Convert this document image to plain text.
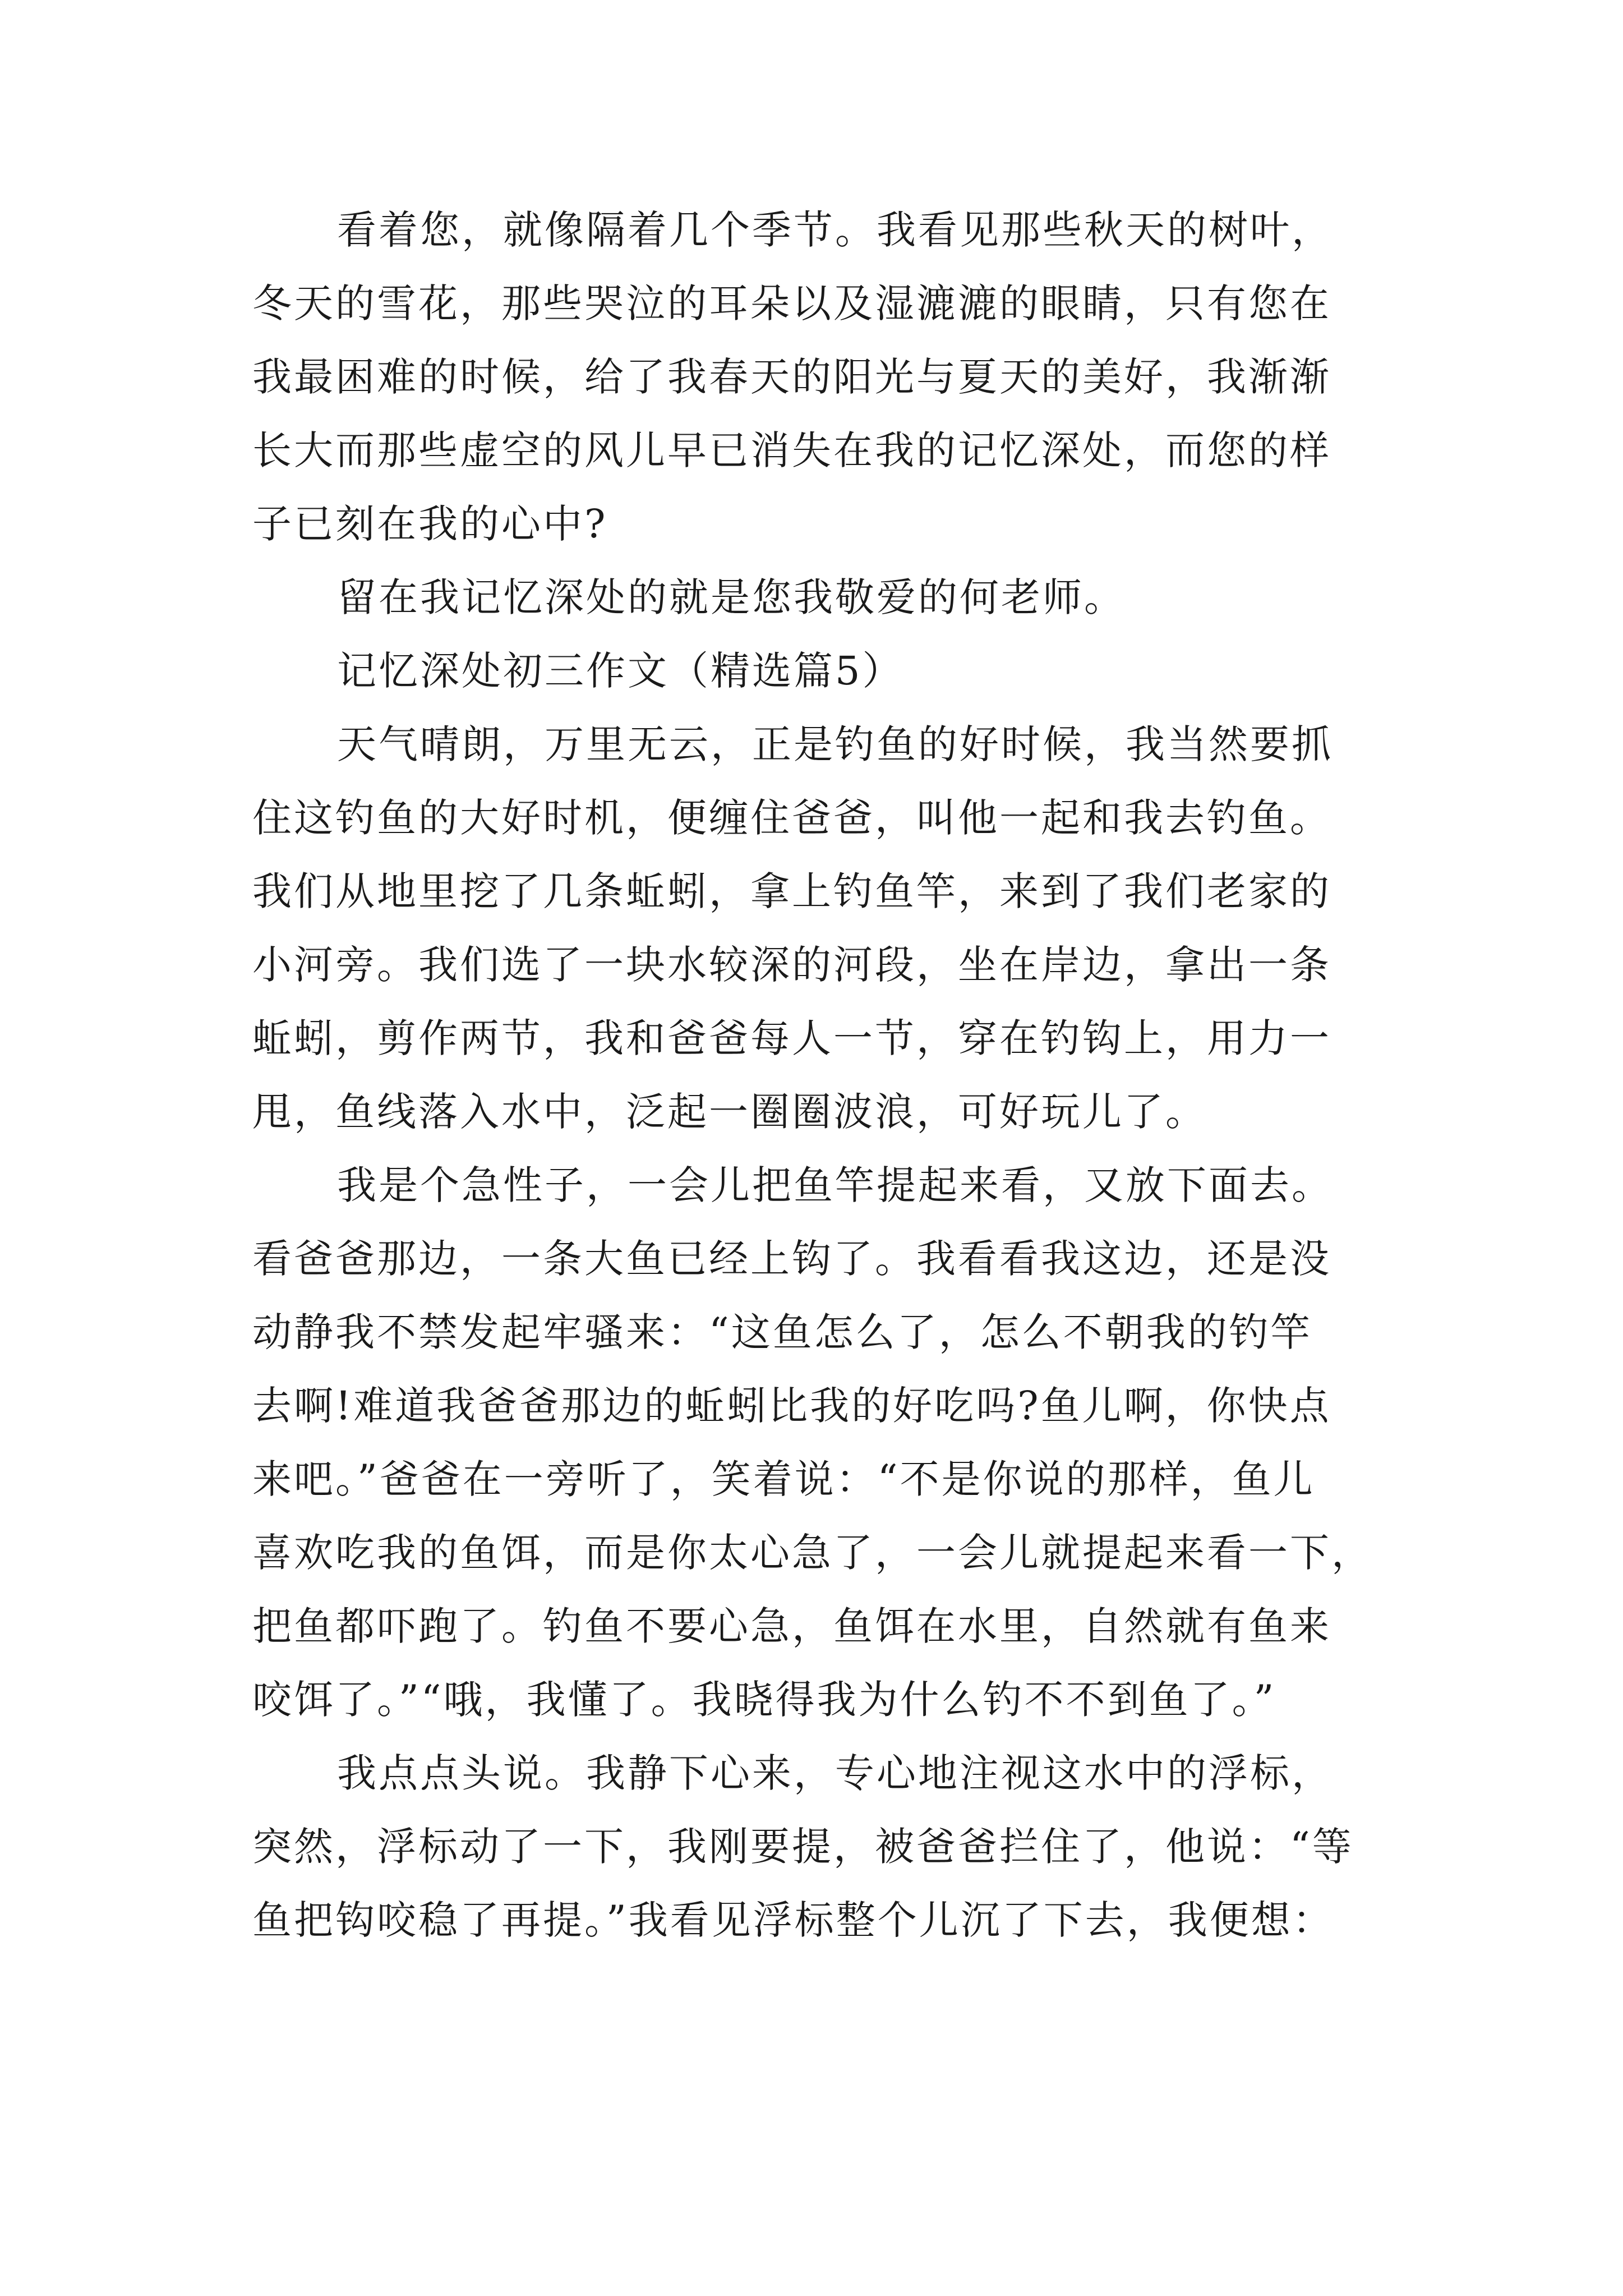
看着您，就像隔着几个季节。我看见那些秋天的树叶，
冬天的雪花，那些哭泣的耳朵以及湿漉漉的眼睛，只有您在
我最困难的时候，给了我春天的阳光与夏天的美好，我渐渐
长大而那些虚空的风儿早已消失在我的记忆深处，而您的样
子已刻在我的心中?
留在我记忆深处的就是您我敬爱的何老师。
记忆深处初三作文（精选篇5）
天气晴朗，万里无云，正是钓鱼的好时候，我当然要抓
住这钓鱼的大好时机，便缠住爸爸，叫他一起和我去钓鱼。
我们从地里挖了几条蚯蚓，拿上钓鱼竿，来到了我们老家的
小河旁。我们选了一块水较深的河段，坐在岸边，拿出一条
蚯蚓，剪作两节，我和爸爸每人一节，穿在钓钩上，用力一
甩，鱼线落入水中，泛起一圈圈波浪，可好玩儿了。
我是个急性子，一会儿把鱼竿提起来看，又放下面去。
看爸爸那边，一条大鱼已经上钩了。我看看我这边，还是没
动静我不禁发起牢骚来：“这鱼怎么了，怎么不朝我的钓竿
去啊!难道我爸爸那边的蚯蚓比我的好吃吗?鱼儿啊，你快点
来吧。”爸爸在一旁听了，笑着说：“不是你说的那样，鱼儿
喜欢吃我的鱼饵，而是你太心急了，一会儿就提起来看一下，
把鱼都吓跑了。钓鱼不要心急，鱼饵在水里，自然就有鱼来
咬饵了。”“哦，我懂了。我晓得我为什么钓不不到鱼了。”
我点点头说。我静下心来，专心地注视这水中的浮标，
突然，浮标动了一下，我刚要提，被爸爸拦住了，他说：“等
鱼把钩咬稳了再提。”我看见浮标整个儿沉了下去，我便想：
